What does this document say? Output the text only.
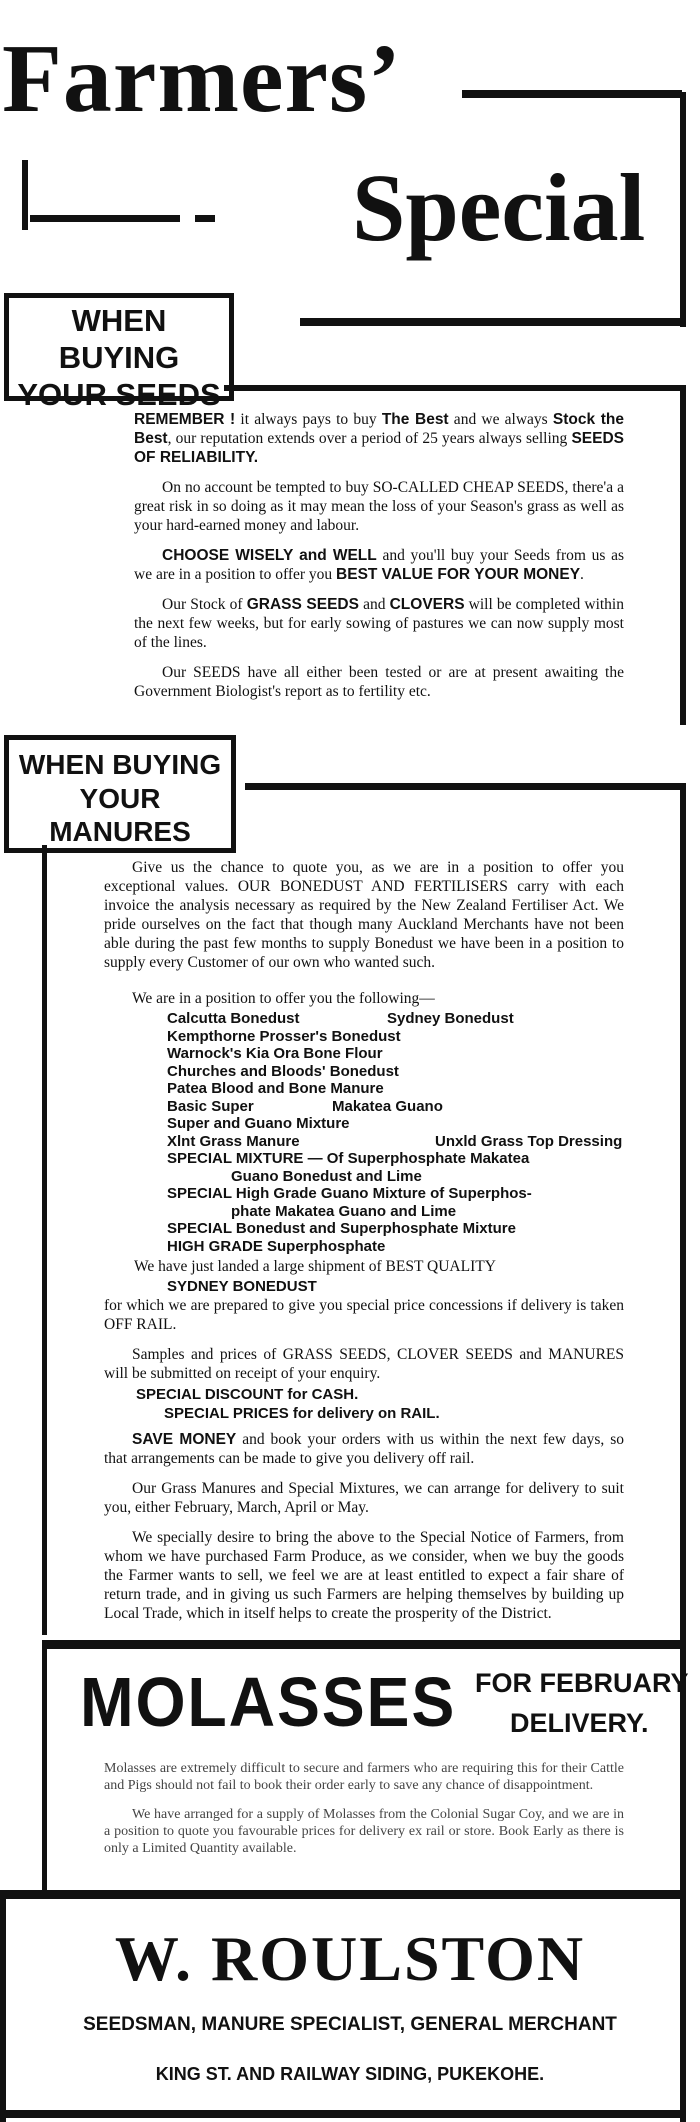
Farmers’
Special
WHEN BUYING
YOUR SEEDS

REMEMBER ! it always pays to buy The Best and we always Stock the Best, our reputation extends over a period of 25 years always selling SEEDS OF RELIABILITY.

On no account be tempted to buy SO-CALLED CHEAP SEEDS, there'a a great risk in so doing as it may mean the loss of your Season's grass as well as your hard-earned money and labour.

CHOOSE WISELY and WELL and you'll buy your Seeds from us as we are in a position to offer you BEST VALUE FOR YOUR MONEY.

Our Stock of GRASS SEEDS and CLOVERS will be completed within the next few weeks, but for early sowing of pastures we can now supply most of the lines.

Our SEEDS have all either been tested or are at present awaiting the Government Biologist's report as to fertility etc.

WHEN BUYING
YOUR MANURES

Give us the chance to quote you, as we are in a position to offer you exceptional values. OUR BONEDUST AND FERTILISERS carry with each invoice the analysis necessary as required by the New Zealand Fertiliser Act. We pride ourselves on the fact that though many Auckland Merchants have not been able during the past few months to supply Bonedust we have been in a position to supply every Customer of our own who wanted such.

We are in a position to offer you the following—
Calcutta Bonedust	Sydney Bonedust
Kempthorne Prosser's Bonedust
Warnock's Kia Ora Bone Flour
Churches and Bloods' Bonedust
Patea Blood and Bone Manure
Basic Super	Makatea Guano
Super and Guano Mixture
Xlnt Grass Manure	Unxld Grass Top Dressing
SPECIAL MIXTURE — Of Superphosphate Makatea
Guano Bonedust and Lime
SPECIAL High Grade Guano Mixture of Superphos-
phate Makatea Guano and Lime
SPECIAL Bonedust and Superphosphate Mixture
HIGH GRADE Superphosphate
We have just landed a large shipment of BEST QUALITY
SYDNEY BONEDUST

for which we are prepared to give you special price concessions if delivery is taken OFF RAIL.

Samples and prices of GRASS SEEDS, CLOVER SEEDS and MANURES will be submitted on receipt of your enquiry.

SPECIAL DISCOUNT for CASH.
SPECIAL PRICES for delivery on RAIL.

SAVE MONEY and book your orders with us within the next few days, so that arrangements can be made to give you delivery off rail.

Our Grass Manures and Special Mixtures, we can arrange for delivery to suit you, either February, March, April or May.

We specially desire to bring the above to the Special Notice of Farmers, from whom we have purchased Farm Produce, as we consider, when we buy the goods the Farmer wants to sell, we feel we are at least entitled to expect a fair share of return trade, and in giving us such Farmers are helping themselves by building up Local Trade, which in itself helps to create the prosperity of the District.

MOLASSES FOR FEBRUARY
DELIVERY.

Molasses are extremely difficult to secure and farmers who are requiring this for their Cattle and Pigs should not fail to book their order early to save any chance of disappointment.

We have arranged for a supply of Molasses from the Colonial Sugar Coy, and we are in a position to quote you favourable prices for delivery ex rail or store. Book Early as there is only a Limited Quantity available.

W. ROULSTON
SEEDSMAN, MANURE SPECIALIST, GENERAL MERCHANT
KING ST. AND RAILWAY SIDING, PUKEKOHE.
